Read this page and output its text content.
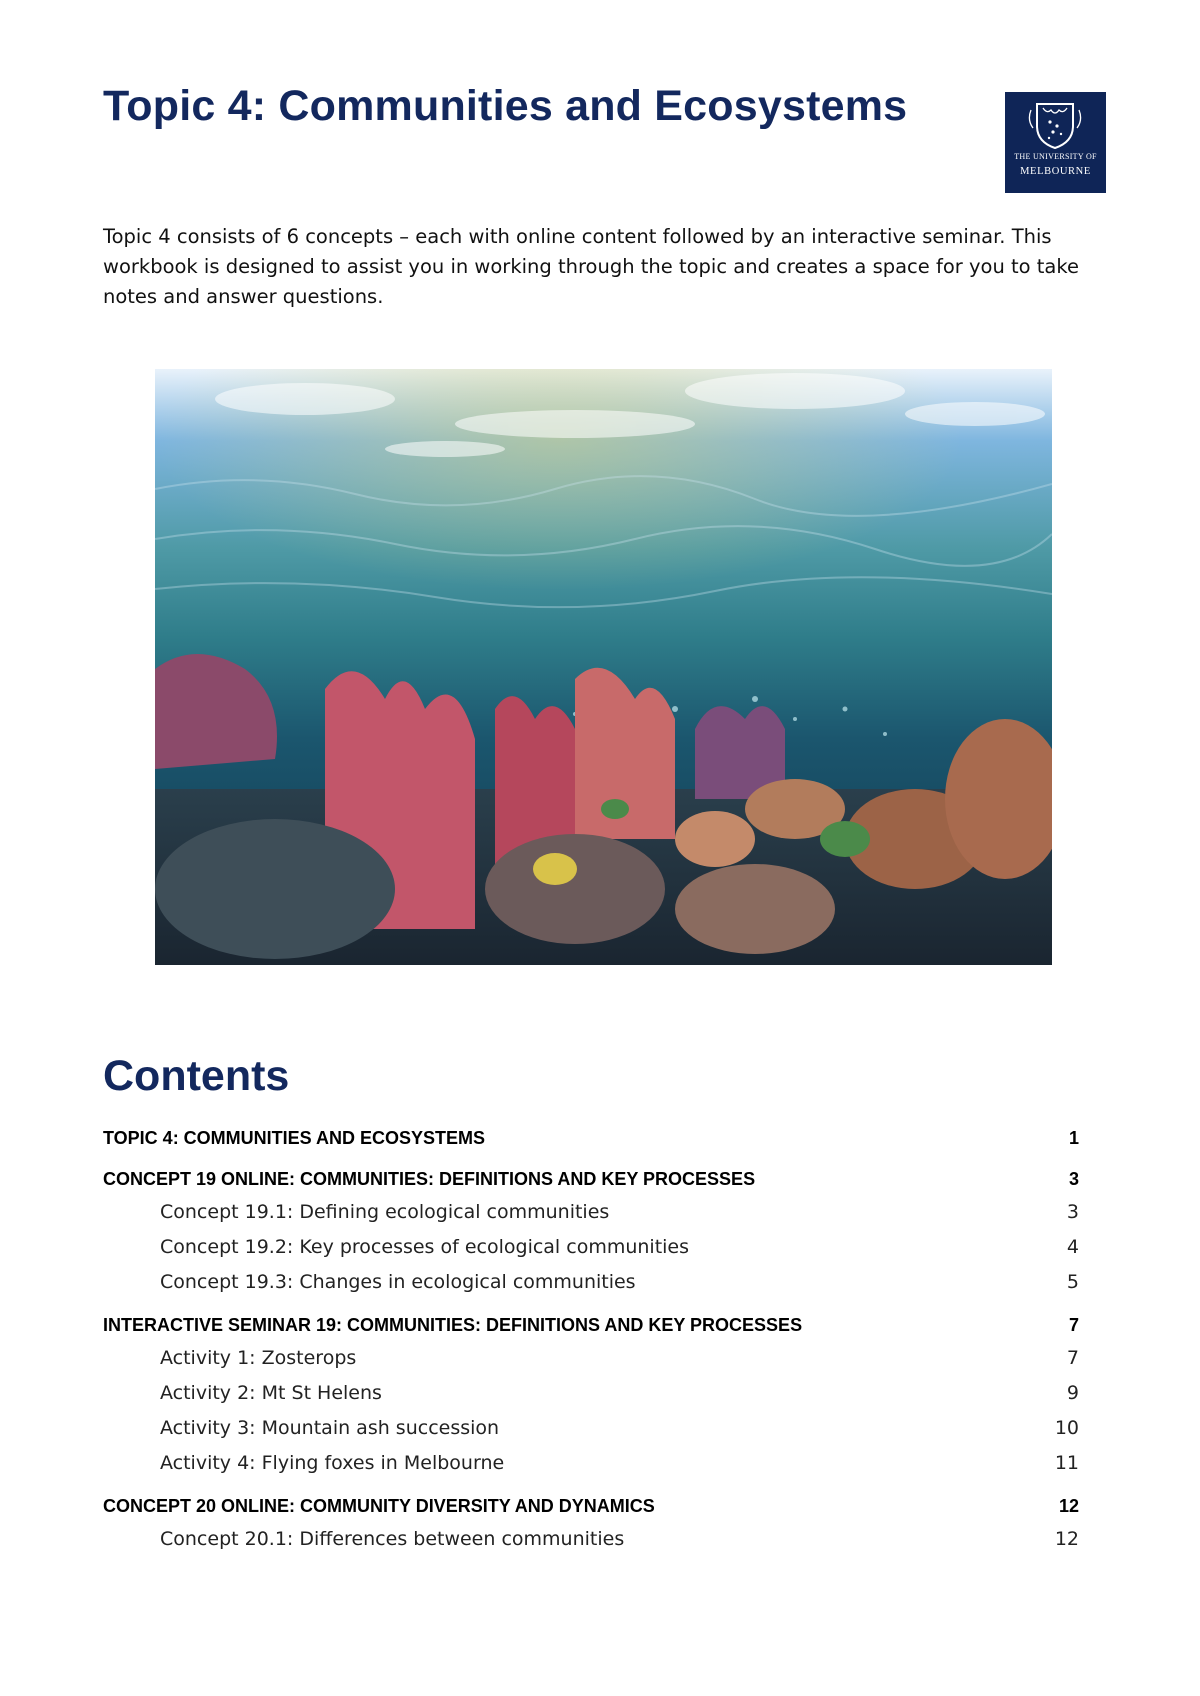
Topic 4: Communities and Ecosystems
THE UNIVERSITY OF
MELBOURNE

Topic 4 consists of 6 concepts – each with online content followed by an interactive seminar. This workbook is designed to assist you in working through the topic and creates a space for you to take notes and answer questions.

Contents
TOPIC 4: COMMUNITIES AND ECOSYSTEMS	1
CONCEPT 19 ONLINE: COMMUNITIES: DEFINITIONS AND KEY PROCESSES	3
Concept 19.1: Defining ecological communities	3
Concept 19.2: Key processes of ecological communities	4
Concept 19.3: Changes in ecological communities	5
INTERACTIVE SEMINAR 19: COMMUNITIES: DEFINITIONS AND KEY PROCESSES	7
Activity 1: Zosterops	7
Activity 2: Mt St Helens	9
Activity 3: Mountain ash succession	10
Activity 4: Flying foxes in Melbourne	11
CONCEPT 20 ONLINE: COMMUNITY DIVERSITY AND DYNAMICS	12
Concept 20.1: Differences between communities	12
